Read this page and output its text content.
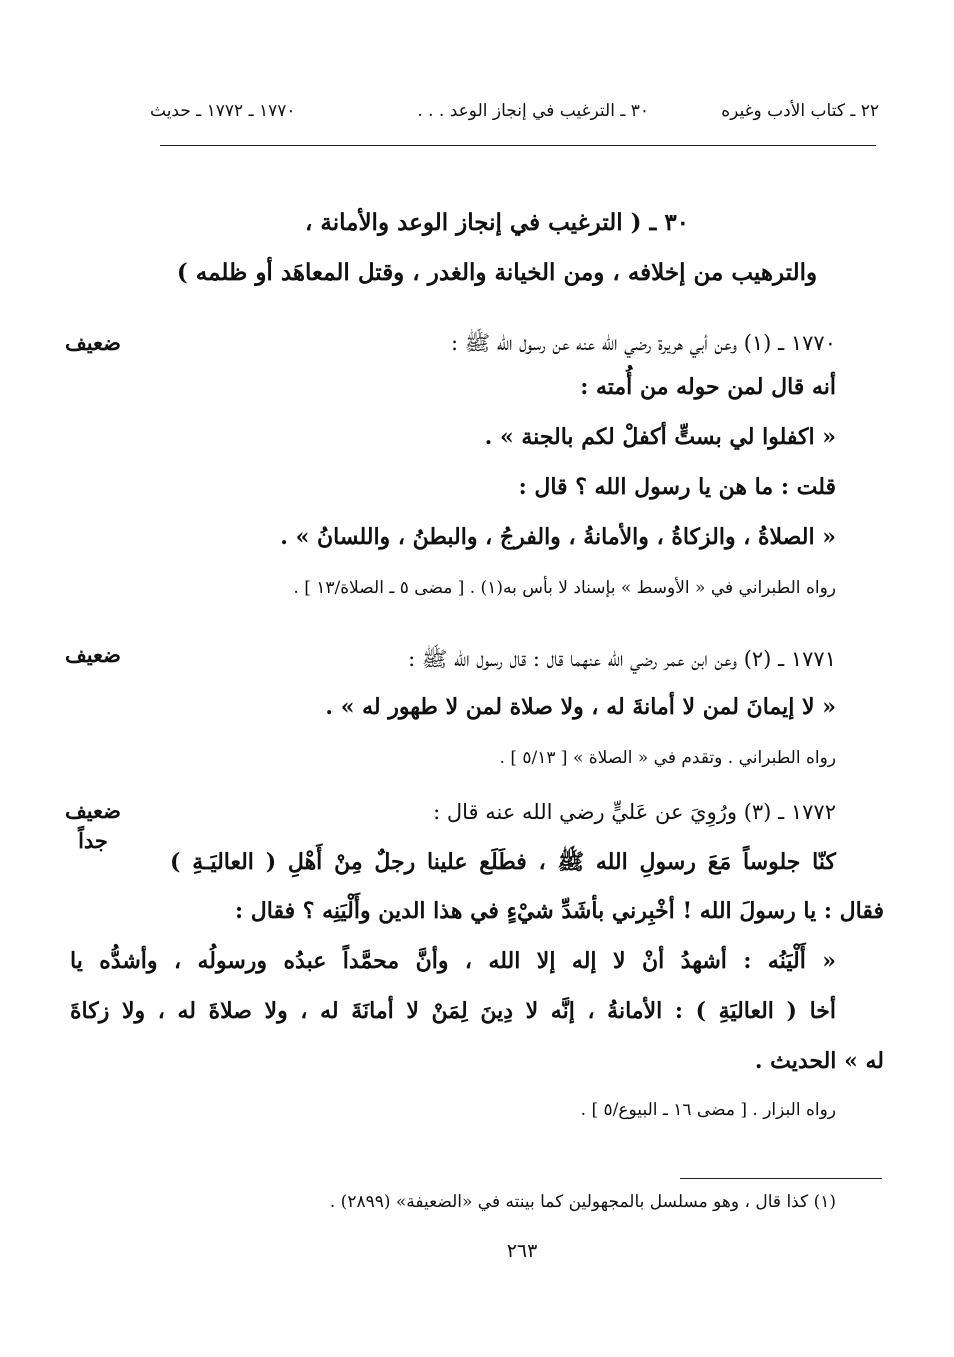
٢٢ ـ كتاب الأدب وغيره
٣٠ ـ الترغيب في إنجاز الوعد . . .
١٧٧٠ ـ ١٧٧٢ ـ حديث
٣٠ ـ ( الترغيب في إنجاز الوعد والأمانة ،
والترهيب من إخلافه ، ومن الخيانة والغدر ، وقتل المعاهَد أو ظلمه )
١٧٧٠ ـ (١) وعن أبي هريرة رضي الله عنه عن رسول الله ﷺ :
ضعيف
أنه قال لمن حوله من أُمته :
« اكفلوا لي بستٍّ أكفلْ لكم بالجنة » .
قلت : ما هن يا رسول الله ؟ قال :
« الصلاةُ ، والزكاةُ ، والأمانةُ ، والفرجُ ، والبطنُ ، واللسانُ » .
رواه الطبراني في « الأوسط » بإسناد لا بأس به(١) . [ مضى ٥ ـ الصلاة/١٣ ] .
١٧٧١ ـ (٢) وعن ابن عمر رضي الله عنهما قال : قال رسول الله ﷺ :
ضعيف
« لا إيمانَ لمن لا أمانةَ له ، ولا صلاة لمن لا طهور له » .
رواه الطبراني . وتقدم في « الصلاة » [ ٥/١٣ ] .
١٧٧٢ ـ (٣) ورُوِيَ عن عَليٍّ رضي الله عنه قال :
ضعيف
جداً
كنّا جلوساً مَعَ رسولِ الله ﷺ ، فطَلَع علينا رجلٌ مِنْ أَهْلِ ( العاليَـةِ )
فقال : يا رسولَ الله ! أخْبِرني بأشَدِّ شيْءٍ في هذا الدين وأَلْيَنِه ؟ فقال :
« أَلْيَنُه : أشهدُ أنْ لا إله إلا الله ، وأنَّ محمَّداً عبدُه ورسولُه ، وأشدُّه يا
أخا ( العاليَةِ ) : الأمانةُ ، إنَّه لا دِينَ لِمَنْ لا أمانَةَ له ، ولا صلاةَ له ، ولا زكاةَ
له » الحديث .
رواه البزار . [ مضى ١٦ ـ البيوع/٥ ] .
(١) كذا قال ، وهو مسلسل بالمجهولين كما بينته في «الضعيفة» (٢٨٩٩) .
٢٦٣
